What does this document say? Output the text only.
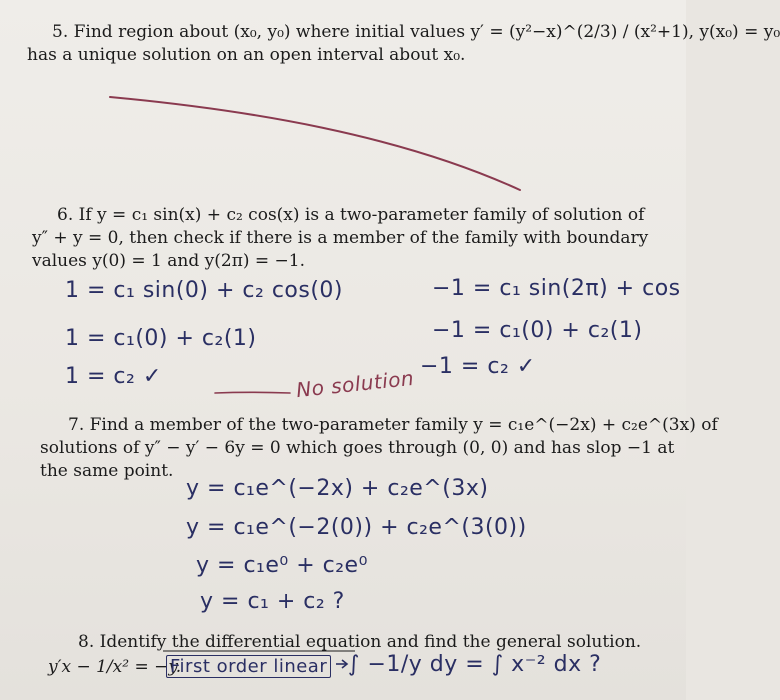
5. Find region about (x₀, y₀) where initial values y′ = (y²−x)^(2/3) / (x²+1), y(x₀) = y₀
has a unique solution on an open interval about x₀.
6. If y = c₁ sin(x) + c₂ cos(x) is a two-parameter family of solution of
y″ + y = 0, then check if there is a member of the family with boundary
values y(0) = 1 and y(2π) = −1.
1 = c₁ sin(0) + c₂ cos(0)
1 = c₁(0) + c₂(1)
1 = c₂ ✓
−1 = c₁ sin(2π) + cos
−1 = c₁(0) + c₂(1)
−1 = c₂ ✓
No solution
7. Find a member of the two-parameter family y = c₁e^(−2x) + c₂e^(3x) of
solutions of y″ − y′ − 6y = 0 which goes through (0, 0) and has slop −1 at
the same point.
y = c₁e^(−2x) + c₂e^(3x)
y = c₁e^(−2(0)) + c₂e^(3(0))
y = c₁e⁰ + c₂e⁰
y = c₁ + c₂ ?
8. Identify the differential equation and find the general solution.
y′x − 1/x² = −y.
First order linear ∫ −1/y dy = ∫ x⁻² dx ?
